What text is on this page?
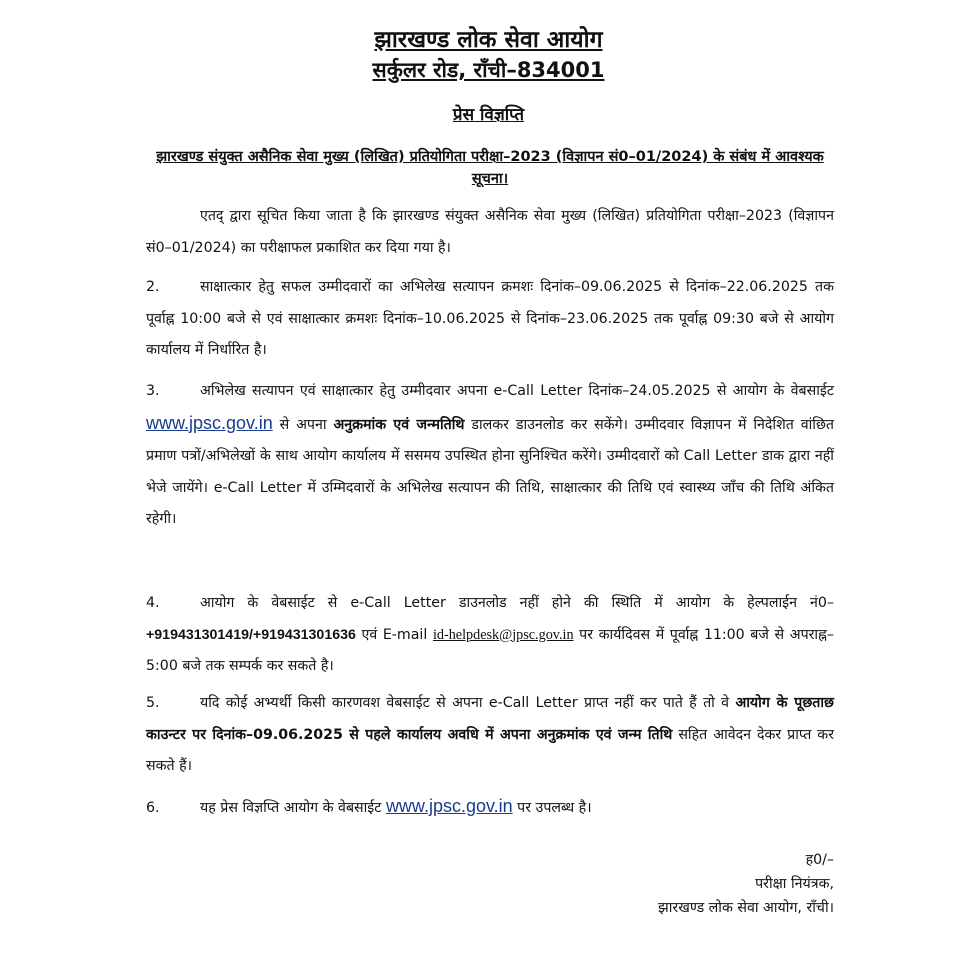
झारखण्ड लोक सेवा आयोग
सर्कुलर रोड, राँची–834001
प्रेस विज्ञप्ति
झारखण्ड संयुक्त असैनिक सेवा मुख्य (लिखित) प्रतियोगिता परीक्षा–2023 (विज्ञापन सं0–01/2024) के संबंध में आवश्यक सूचना।
एतद् द्वारा सूचित किया जाता है कि झारखण्ड संयुक्त असैनिक सेवा मुख्य (लिखित) प्रतियोगिता परीक्षा–2023 (विज्ञापन सं0–01/2024) का परीक्षाफल प्रकाशित कर दिया गया है।
2.	साक्षात्कार हेतु सफल उम्मीदवारों का अभिलेख सत्यापन क्रमशः दिनांक–09.06.2025 से दिनांक–22.06.2025 तक पूर्वाह्न 10:00 बजे से एवं साक्षात्कार क्रमशः दिनांक–10.06.2025 से दिनांक–23.06.2025 तक पूर्वाह्न 09:30 बजे से आयोग कार्यालय में निर्धारित है।
3.	अभिलेख सत्यापन एवं साक्षात्कार हेतु उम्मीदवार अपना e-Call Letter दिनांक–24.05.2025 से आयोग के वेबसाईट www.jpsc.gov.in से अपना अनुक्रमांक एवं जन्मतिथि डालकर डाउनलोड कर सकेंगे। उम्मीदवार विज्ञापन में निदेशित वांछित प्रमाण पत्रों/अभिलेखों के साथ आयोग कार्यालय में ससमय उपस्थित होना सुनिश्चित करेंगे। उम्मीदवारों को Call Letter डाक द्वारा नहीं भेजे जायेंगे। e-Call Letter में उम्मिदवारों के अभिलेख सत्यापन की तिथि, साक्षात्कार की तिथि एवं स्वास्थ्य जाँच की तिथि अंकित रहेगी।
4.	आयोग के वेबसाईट से e-Call Letter डाउनलोड नहीं होने की स्थिति में आयोग के हेल्पलाईन नं0–+919431301419/+919431301636 एवं E-mail id-helpdesk@jpsc.gov.in पर कार्यदिवस में पूर्वाह्न 11:00 बजे से अपराह्न–5:00 बजे तक सम्पर्क कर सकते है।
5.	यदि कोई अभ्यर्थी किसी कारणवश वेबसाईट से अपना e-Call Letter प्राप्त नहीं कर पाते हैं तो वे आयोग के पूछताछ काउन्टर पर दिनांक–09.06.2025 से पहले कार्यालय अवधि में अपना अनुक्रमांक एवं जन्म तिथि सहित आवेदन देकर प्राप्त कर सकते हैं।
6.	यह प्रेस विज्ञप्ति आयोग के वेबसाईट www.jpsc.gov.in पर उपलब्ध है।
ह0/–
परीक्षा नियंत्रक,
झारखण्ड लोक सेवा आयोग, राँची।
